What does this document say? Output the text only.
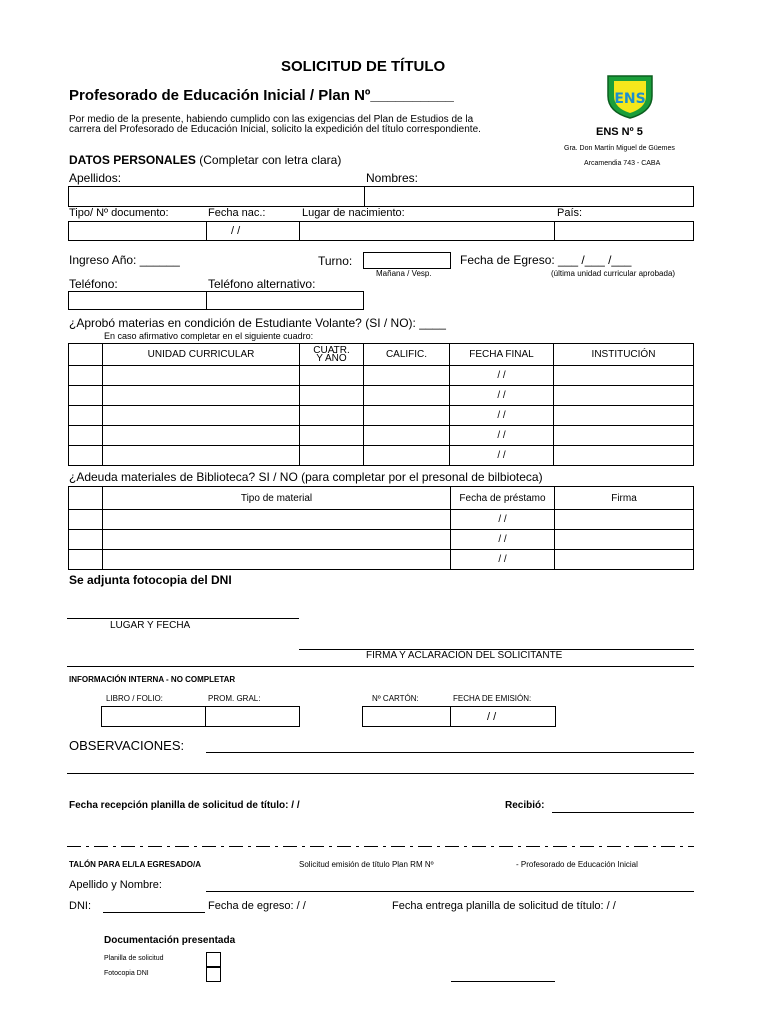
SOLICITUD DE TÍTULO
Profesorado de Educación Inicial / Plan Nº__________
Por medio de la presente, habiendo cumplido con las exigencias del Plan de Estudios de la
carrera del Profesorado de Educación Inicial, solicito la expedición del título correspondiente.
ENS
ENS Nº 5
Gra. Don Martín Miguel de Güemes
Arcamendia 743 - CABA
DATOS PERSONALES (Completar con letra clara)
Apellidos:	Nombres:
Tipo/ Nº documento:	Fecha nac.:	Lugar de nacimiento:	País:
/ /
Ingreso Año: ______	Turno:
Mañana / Vesp.
Fecha de Egreso: ___ /___ /___
(última unidad curricular aprobada)
Teléfono:	Teléfono alternativo:
¿Aprobó materias en condición de Estudiante Volante? (SI / NO): ____
En caso afirmativo completar en el siguiente cuadro:
	UNIDAD CURRICULAR	CUATR.
Y AÑO	CALIFIC.	FECHA FINAL	INSTITUCIÓN
				/ /	
				/ /	
				/ /	
				/ /	
				/ /	
¿Adeuda materiales de Biblioteca? SI / NO (para completar por el presonal de bilbioteca)
	Tipo de material	Fecha de préstamo	Firma
		/ /	
		/ /	
		/ /	
Se adjunta fotocopia del DNI
LUGAR Y FECHA
FIRMA Y ACLARACIÓN DEL SOLICITANTE
INFORMACIÓN INTERNA - NO COMPLETAR
LIBRO / FOLIO:	PROM. GRAL:	Nº CARTÓN:	FECHA DE EMISIÓN:
/ /
OBSERVACIONES:
Fecha recepción planilla de solicitud de título: / /	Recibió:
TALÓN PARA EL/LA EGRESADO/A	Solicitud emisión de título Plan RM Nº	- Profesorado de Educación Inicial
Apellido y Nombre:
DNI:	Fecha de egreso: / /	Fecha entrega planilla de solicitud de título: / /
Documentación presentada
Planilla de solicitud
Fotocopia DNI
